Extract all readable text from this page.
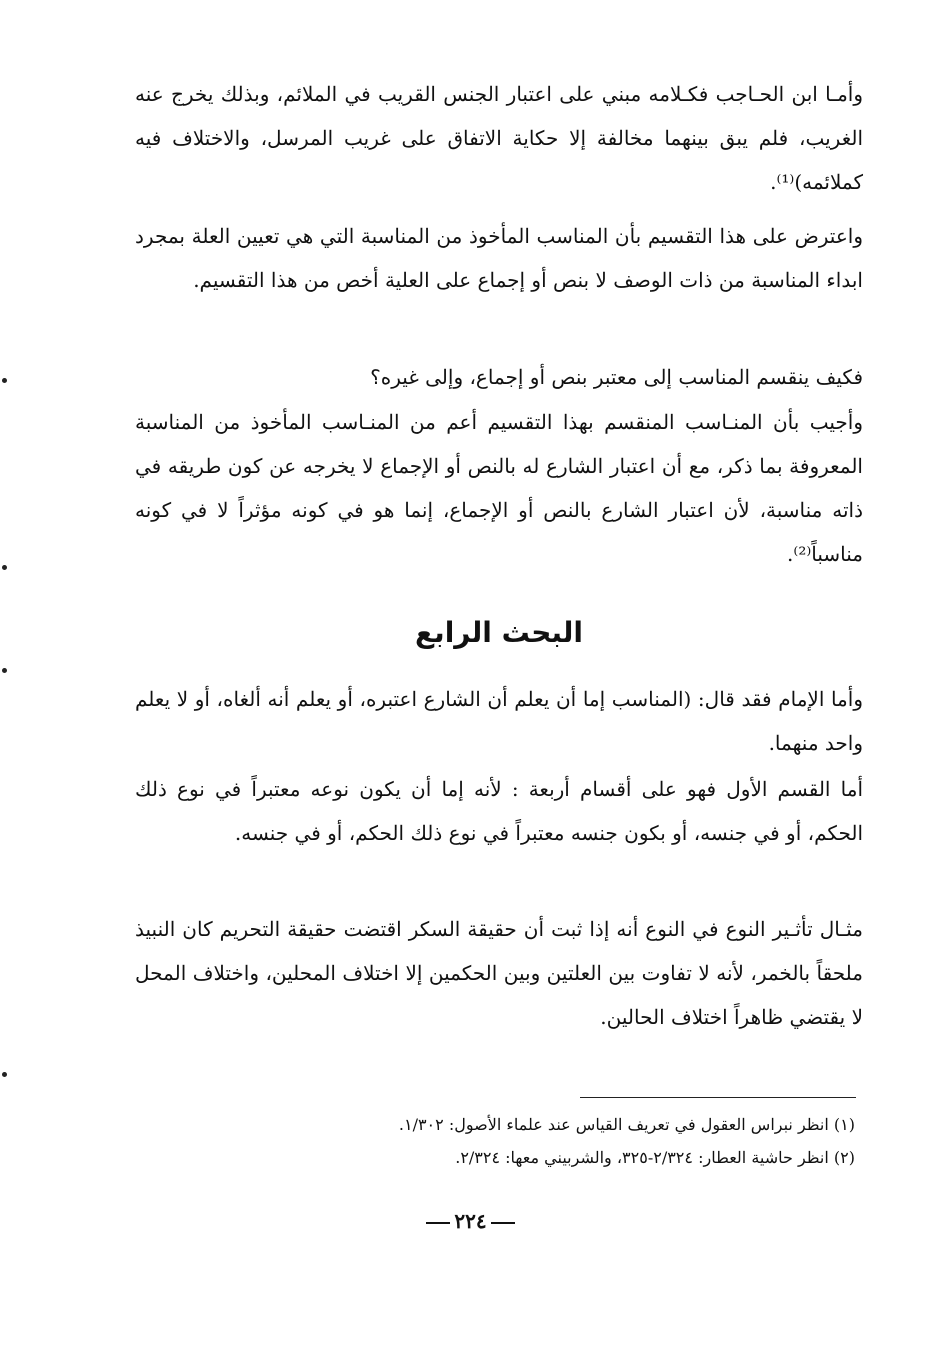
وأمـا ابن الحـاجب فكـلامه مبني على اعتبار الجنس القريب في الملائم، وبذلك يخرج عنه الغريب، فلم يبق بينهما مخالفة إلا حكاية الاتفاق على غريب المرسل، والاختلاف فيه كملائمه)⁽¹⁾.

واعترض على هذا التقسيم بأن المناسب المأخوذ من المناسبة التي هي تعيين العلة بمجرد ابداء المناسبة من ذات الوصف لا بنص أو إجماع على العلية أخص من هذا التقسيم.

فكيف ينقسم المناسب إلى معتبر بنص أو إجماع، وإلى غيره؟

وأجيب بأن المنـاسب المنقسم بهذا التقسيم أعم من المنـاسب المأخوذ من المناسبة المعروفة بما ذكر، مع أن اعتبار الشارع له بالنص أو الإجماع لا يخرجه عن كون طريقه في ذاته مناسبة، لأن اعتبار الشارع بالنص أو الإجماع، إنما هو في كونه مؤثراً لا في كونه مناسباً⁽²⁾.

البحث الرابع

وأما الإمام فقد قال: (المناسب إما أن يعلم أن الشارع اعتبره، أو يعلم أنه ألغاه، أو لا يعلم واحد منهما.

أما القسم الأول فهو على أقسام أربعة : لأنه إما أن يكون نوعه معتبراً في نوع ذلك الحكم، أو في جنسه، أو بكون جنسه معتبراً في نوع ذلك الحكم، أو في جنسه.

مثـال تأثـير النوع في النوع أنه إذا ثبت أن حقيقة السكر اقتضت حقيقة التحريم كان النبيذ ملحقاً بالخمر، لأنه لا تفاوت بين العلتين وبين الحكمين إلا اختلاف المحلين، واختلاف المحل لا يقتضي ظاهراً اختلاف الحالين.

(١) انظر نبراس العقول في تعريف القياس عند علماء الأصول: ١/٣٠٢.

(٢) انظر حاشية العطار: ٢/٣٢٤-٣٢٥، والشربيني معها: ٢/٣٢٤.

٢٢٤
